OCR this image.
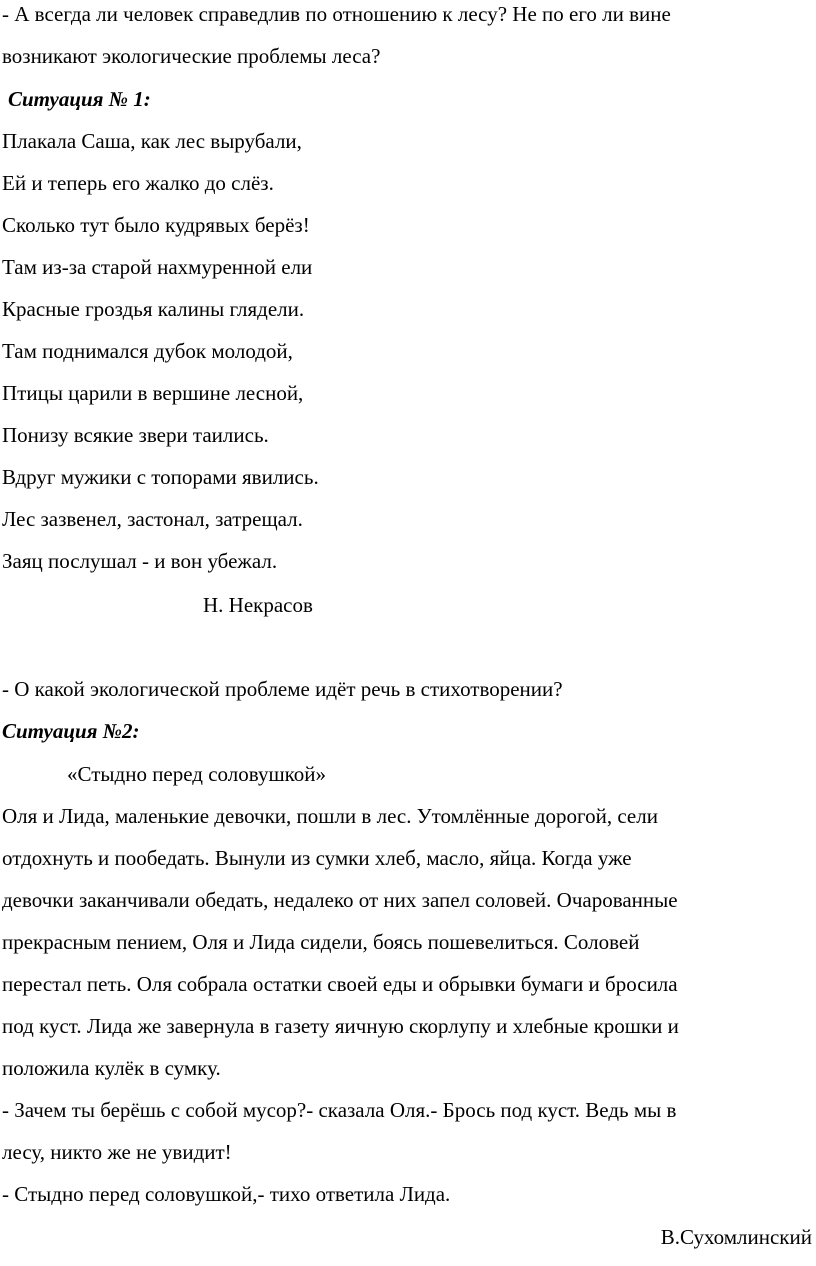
- А всегда ли человек справедлив по отношению к лесу? Не по его ли вине
возникают экологические проблемы леса?
Ситуация № 1:
Плакала Саша, как лес вырубали,
Ей и теперь его жалко до слёз.
Сколько тут было кудрявых берёз!
Там из-за старой нахмуренной ели
Красные гроздья калины глядели.
Там поднимался дубок молодой,
Птицы царили в вершине лесной,
Понизу всякие звери таились.
Вдруг мужики с топорами явились.
Лес зазвенел, застонал, затрещал.
Заяц послушал - и вон убежал.
Н. Некрасов
- О какой экологической проблеме идёт речь в стихотворении?
Ситуация №2:
«Стыдно перед соловушкой»
Оля и Лида, маленькие девочки, пошли в лес. Утомлённые дорогой, сели
отдохнуть и пообедать. Вынули из сумки хлеб, масло, яйца. Когда уже
девочки заканчивали обедать, недалеко от них запел соловей. Очарованные
прекрасным пением, Оля и Лида сидели, боясь пошевелиться. Соловей
перестал петь. Оля собрала остатки своей еды и обрывки бумаги и бросила
под куст. Лида же завернула в газету яичную скорлупу и хлебные крошки и
положила кулёк в сумку.
- Зачем ты берёшь с собой мусор?- сказала Оля.- Брось под куст. Ведь мы в
лесу, никто же не увидит!
- Стыдно перед соловушкой,- тихо ответила Лида.
В.Сухомлинский
